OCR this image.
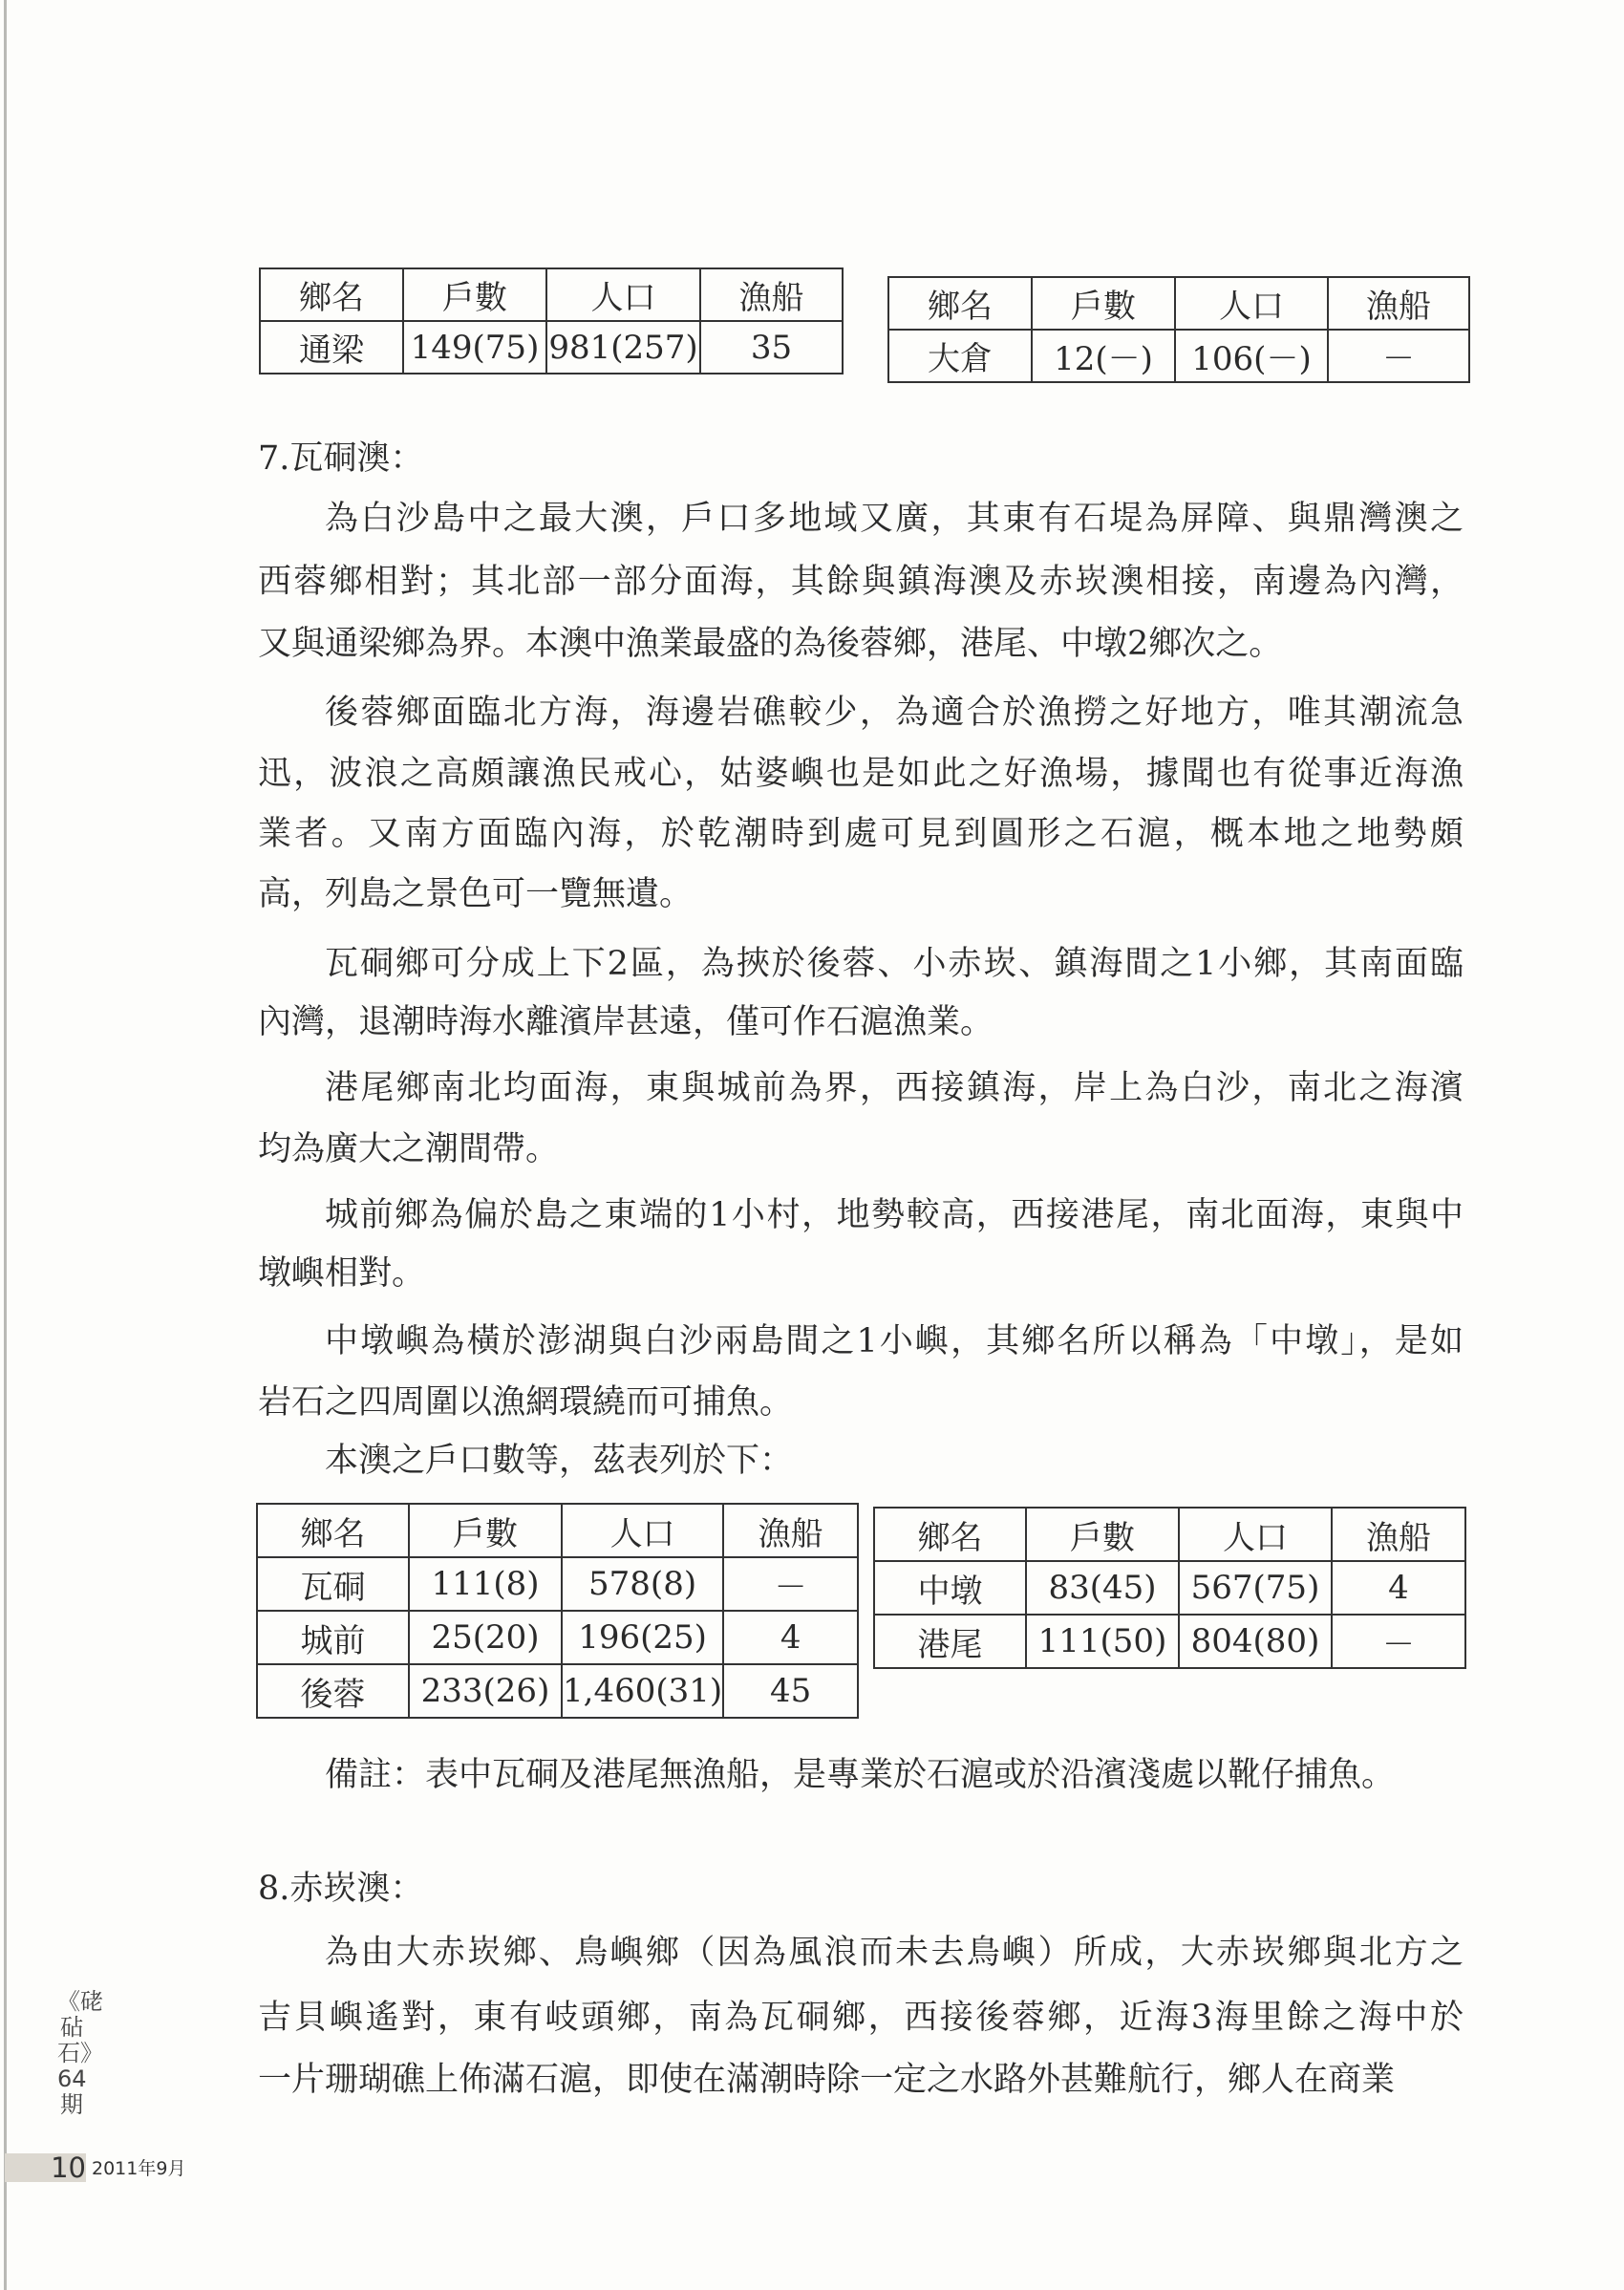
鄉名	戶數	人口	漁船
通梁	149(75)	981(257)	35
鄉名	戶數	人口	漁船
大倉	12(－)	106(－)	－
7.瓦硐澳：
為白沙島中之最大澳，戶口多地域又廣，其東有石堤為屏障、與鼎灣澳之
西蓉鄉相對；其北部一部分面海，其餘與鎮海澳及赤崁澳相接，南邊為內灣，
又與通梁鄉為界。本澳中漁業最盛的為後蓉鄉，港尾、中墩2鄉次之。
後蓉鄉面臨北方海，海邊岩礁較少，為適合於漁撈之好地方，唯其潮流急
迅，波浪之高頗讓漁民戒心，姑婆嶼也是如此之好漁場，據聞也有從事近海漁
業者。又南方面臨內海，於乾潮時到處可見到圓形之石滬，概本地之地勢頗
高，列島之景色可一覽無遺。
瓦硐鄉可分成上下2區，為挾於後蓉、小赤崁、鎮海間之1小鄉，其南面臨
內灣，退潮時海水離濱岸甚遠，僅可作石滬漁業。
港尾鄉南北均面海，東與城前為界，西接鎮海，岸上為白沙，南北之海濱
均為廣大之潮間帶。
城前鄉為偏於島之東端的1小村，地勢較高，西接港尾，南北面海，東與中
墩嶼相對。
中墩嶼為橫於澎湖與白沙兩島間之1小嶼，其鄉名所以稱為「中墩」，是如
岩石之四周圍以漁網環繞而可捕魚。
本澳之戶口數等，茲表列於下：
鄉名	戶數	人口	漁船
瓦硐	111(8)	578(8)	－
城前	25(20)	196(25)	4
後蓉	233(26)	1,460(31)	45
鄉名	戶數	人口	漁船
中墩	83(45)	567(75)	4
港尾	111(50)	804(80)	－
備註：表中瓦硐及港尾無漁船，是專業於石滬或於沿濱淺處以靴仔捕魚。
8.赤崁澳：
為由大赤崁鄉、鳥嶼鄉（因為風浪而未去鳥嶼）所成，大赤崁鄉與北方之
吉貝嶼遙對，東有岐頭鄉，南為瓦硐鄉，西接後蓉鄉，近海3海里餘之海中於
一片珊瑚礁上佈滿石滬，即使在滿潮時除一定之水路外甚難航行，鄉人在商業
《硓砧石》64期
10 2011年9月
